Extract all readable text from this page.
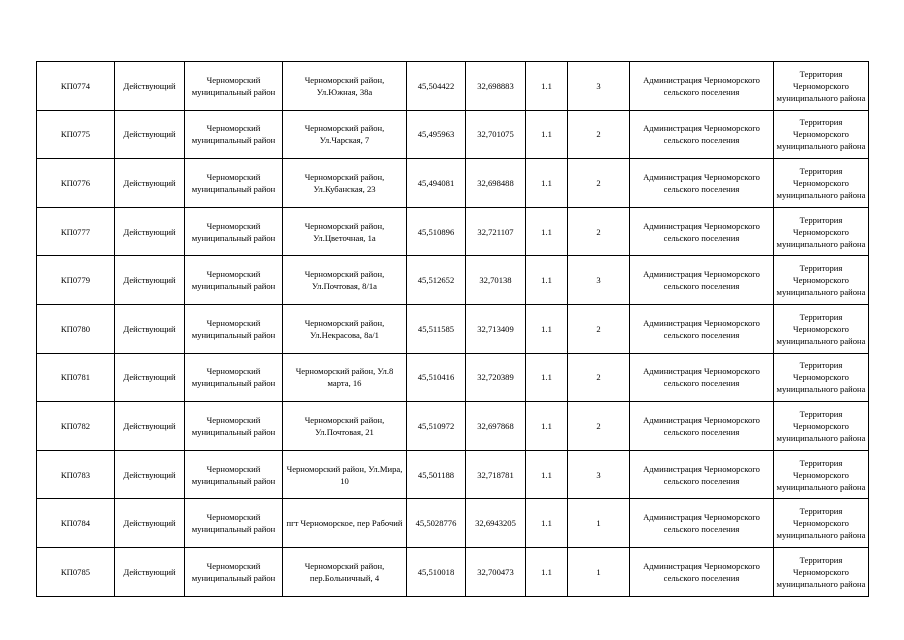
КП0774	Действующий	Черноморский муниципальный район	Черноморский район, Ул.Южная, 38а	45,504422	32,698883	1.1	3	Администрация Черноморского сельского поселения	Территория Черноморского муниципального района
КП0775	Действующий	Черноморский муниципальный район	Черноморский район, Ул.Чарская, 7	45,495963	32,701075	1.1	2	Администрация Черноморского сельского поселения	Территория Черноморского муниципального района
КП0776	Действующий	Черноморский муниципальный район	Черноморский район, Ул.Кубанская, 23	45,494081	32,698488	1.1	2	Администрация Черноморского сельского поселения	Территория Черноморского муниципального района
КП0777	Действующий	Черноморский муниципальный район	Черноморский район, Ул.Цветочная, 1а	45,510896	32,721107	1.1	2	Администрация Черноморского сельского поселения	Территория Черноморского муниципального района
КП0779	Действующий	Черноморский муниципальный район	Черноморский район, Ул.Почтовая, 8/1а	45,512652	32,70138	1.1	3	Администрация Черноморского сельского поселения	Территория Черноморского муниципального района
КП0780	Действующий	Черноморский муниципальный район	Черноморский район, Ул.Некрасова, 8а/1	45,511585	32,713409	1.1	2	Администрация Черноморского сельского поселения	Территория Черноморского муниципального района
КП0781	Действующий	Черноморский муниципальный район	Черноморский район, Ул.8 марта, 16	45,510416	32,720389	1.1	2	Администрация Черноморского сельского поселения	Территория Черноморского муниципального района
КП0782	Действующий	Черноморский муниципальный район	Черноморский район, Ул.Почтовая, 21	45,510972	32,697868	1.1	2	Администрация Черноморского сельского поселения	Территория Черноморского муниципального района
КП0783	Действующий	Черноморский муниципальный район	Черноморский район, Ул.Мира, 10	45,501188	32,718781	1.1	3	Администрация Черноморского сельского поселения	Территория Черноморского муниципального района
КП0784	Действующий	Черноморский муниципальный район	пгт Черноморское, пер Рабочий	45,5028776	32,6943205	1.1	1	Администрация Черноморского сельского поселения	Территория Черноморского муниципального района
КП0785	Действующий	Черноморский муниципальный район	Черноморский район, пер.Больничный, 4	45,510018	32,700473	1.1	1	Администрация Черноморского сельского поселения	Территория Черноморского муниципального района
